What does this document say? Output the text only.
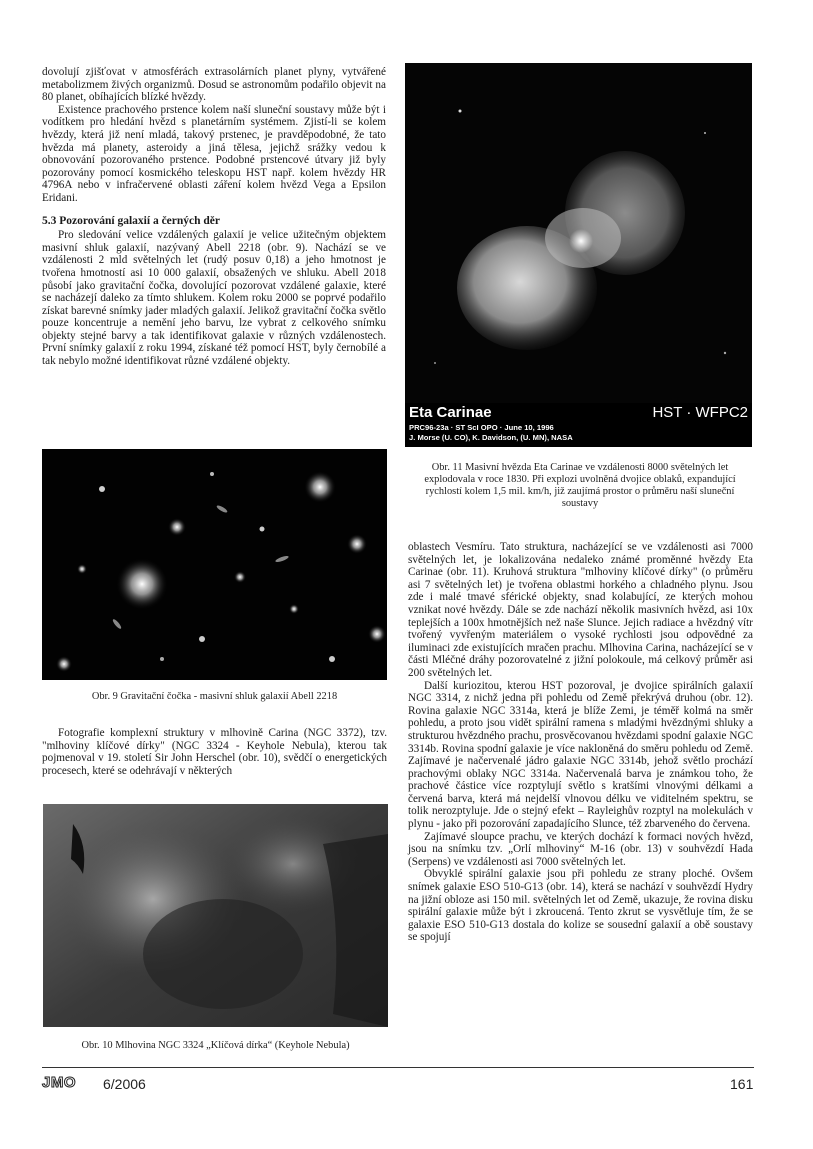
dovolují zjišťovat v atmosférách extrasolárních planet plyny, vytvářené metabolizmem živých organizmů. Dosud se astronomům podařilo objevit na 80 planet, obíhajících blízké hvězdy.

Existence prachového prstence kolem naší sluneční soustavy může být i vodítkem pro hledání hvězd s planetárním systémem. Zjistí-li se kolem hvězdy, která již není mladá, takový prstenec, je pravděpodobné, že tato hvězda má planety, asteroidy a jiná tělesa, jejichž srážky vedou k obnovování pozorovaného prstence. Podobné prstencové útvary již byly pozorovány pomocí kosmického teleskopu HST např. kolem hvězdy HR 4796A nebo v infračervené oblasti záření kolem hvězd Vega a Epsilon Eridani.

5.3 Pozorování galaxií a černých děr

Pro sledování velice vzdálených galaxií je velice užitečným objektem masivní shluk galaxií, nazývaný Abell 2218 (obr. 9). Nachází se ve vzdálenosti 2 mld světelných let (rudý posuv 0,18) a jeho hmotnost je tvořena hmotností asi 10 000 galaxií, obsažených ve shluku. Abell 2018 působí jako gravitační čočka, dovolující pozorovat vzdálené galaxie, které se nacházejí daleko za tímto shlukem. Kolem roku 2000 se poprvé podařilo získat barevné snímky jader mladých galaxií. Jelikož gravitační čočka světlo pouze koncentruje a nemění jeho barvu, lze vybrat z celkového snímku objekty stejné barvy a tak identifikovat galaxie v různých vzdálenostech. První snímky galaxií z roku 1994, získané též pomocí HST, byly černobílé a tak nebylo možné identifikovat různé vzdálené objekty.

Eta Carinae	HST · WFPC2
PRC96-23a · ST ScI OPO · June 10, 1996
J. Morse (U. CO), K. Davidson, (U. MN), NASA
Obr. 11 Masivní hvězda Eta Carinae ve vzdálenosti 8000 světelných let explodovala v roce 1830. Při explozi uvolněná dvojice oblaků, expandující rychlostí kolem 1,5 mil. km/h, již zaujímá prostor o průměru naší sluneční soustavy
Obr. 9 Gravitační čočka - masivní shluk galaxií Abell 2218

Fotografie komplexní struktury v mlhovině Carina (NGC 3372), tzv. "mlhoviny klíčové dírky" (NGC 3324 - Keyhole Nebula), kterou tak pojmenoval v 19. století Sir John Herschel (obr. 10), svědčí o energetických procesech, které se odehrávají v některých

Obr. 10 Mlhovina NGC 3324 „Klíčová dírka“ (Keyhole Nebula)

oblastech Vesmíru. Tato struktura, nacházející se ve vzdálenosti asi 7000 světelných let, je lokalizována nedaleko známé proměnné hvězdy Eta Carinae (obr. 11). Kruhová struktura "mlhoviny klíčové dírky" (o průměru asi 7 světelných let) je tvořena oblastmi horkého a chladného plynu. Jsou zde i malé tmavé sférické objekty, snad kolabující, ze kterých mohou vznikat nové hvězdy. Dále se zde nachází několik masivních hvězd, asi 10x teplejších a 100x hmotnějších než naše Slunce. Jejich radiace a hvězdný vítr tvořený vyvřeným materiálem o vysoké rychlosti jsou odpovědné za iluminaci zde existujících mračen prachu. Mlhovina Carina, nacházející se v části Mléčné dráhy pozorovatelné z jižní polokoule, má celkový průměr asi 200 světelných let.

Další kuriozitou, kterou HST pozoroval, je dvojice spirálních galaxií NGC 3314, z nichž jedna při pohledu od Země překrývá druhou (obr. 12). Rovina galaxie NGC 3314a, která je blíže Zemi, je téměř kolmá na směr pohledu, a proto jsou vidět spirální ramena s mladými hvězdnými shluky a strukturou hvězdného prachu, prosvěcovanou hvězdami spodní galaxie NGC 3314b. Rovina spodní galaxie je více nakloněná do směru pohledu od Země. Zajímavé je načervenalé jádro galaxie NGC 3314b, jehož světlo prochází prachovými oblaky NGC 3314a. Načervenalá barva je známkou toho, že prachové částice více rozptylují světlo s kratšími vlnovými délkami a červená barva, která má nejdelší vlnovou délku ve viditelném spektru, se tolik nerozptyluje. Jde o stejný efekt – Rayleighův rozptyl na molekulách v plynu - jako při pozorování zapadajícího Slunce, též zbarveného do červena.

Zajímavé sloupce prachu, ve kterých dochází k formaci nových hvězd, jsou na snímku tzv. „Orlí mlhoviny“ M-16 (obr. 13) v souhvězdí Hada (Serpens) ve vzdálenosti asi 7000 světelných let.

Obvyklé spirální galaxie jsou při pohledu ze strany ploché. Ovšem snímek galaxie ESO 510-G13 (obr. 14), která se nachází v souhvězdí Hydry na jižní obloze asi 150 mil. světelných let od Země, ukazuje, že rovina disku spirální galaxie může být i zkroucená. Tento zkrut se vysvětluje tím, že se galaxie ESO 510-G13 dostala do kolize se sousední galaxií a obě soustavy se spojují

JMO 6/2006	161
